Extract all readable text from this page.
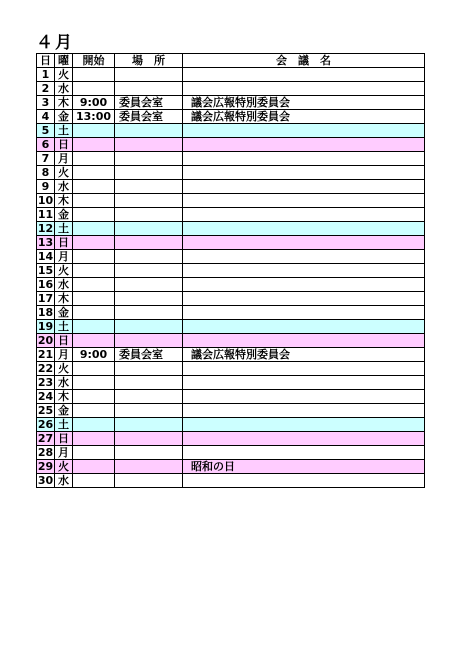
４月
日	曜	開始	場　所	会　議　名
1	火			
2	水			
3	木	9:00	委員会室	議会広報特別委員会
4	金	13:00	委員会室	議会広報特別委員会
5	土			
6	日			
7	月			
8	火			
9	水			
10	木			
11	金			
12	土			
13	日			
14	月			
15	火			
16	水			
17	木			
18	金			
19	土			
20	日			
21	月	9:00	委員会室	議会広報特別委員会
22	火			
23	水			
24	木			
25	金			
26	土			
27	日			
28	月			
29	火			昭和の日
30	水			
